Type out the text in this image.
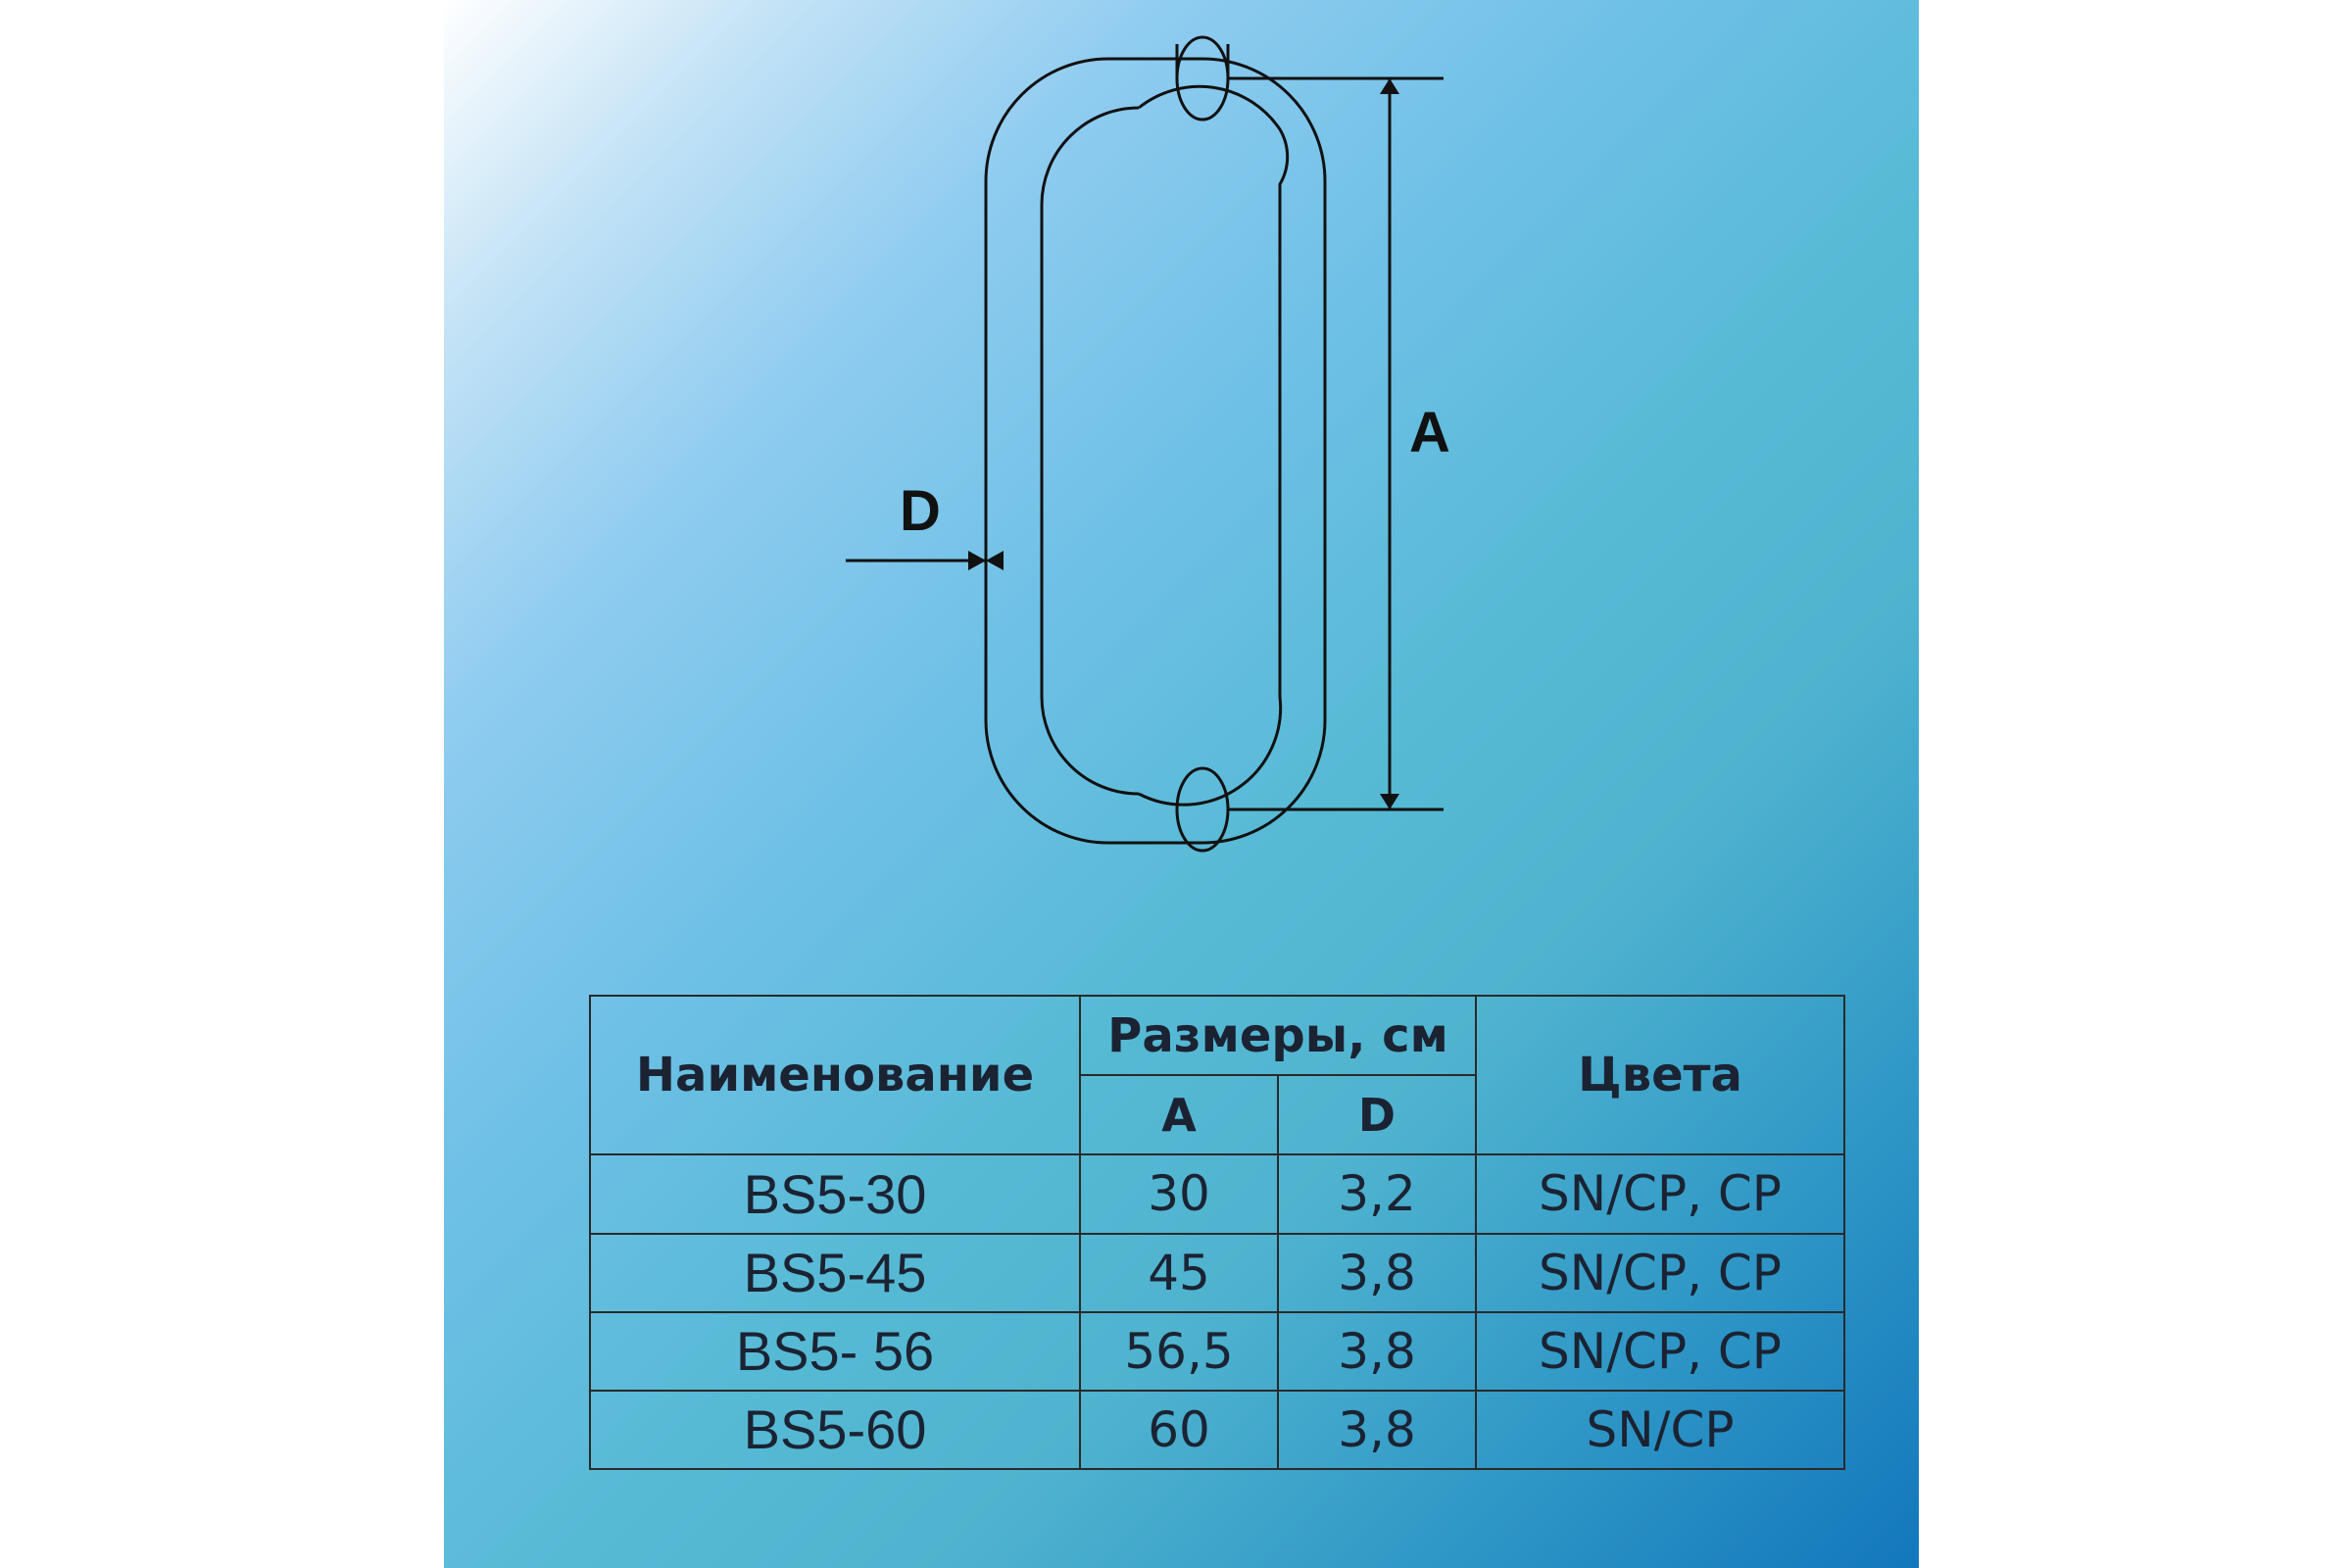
A
D
Наименование	Размеры, см		Цвета
	A	D	
BS5-30	30	3,2	SN/CP, CP
BS5-45	45	3,8	SN/CP, CP
BS5- 56	56,5	3,8	SN/CP, CP
BS5-60	60	3,8	SN/CP
